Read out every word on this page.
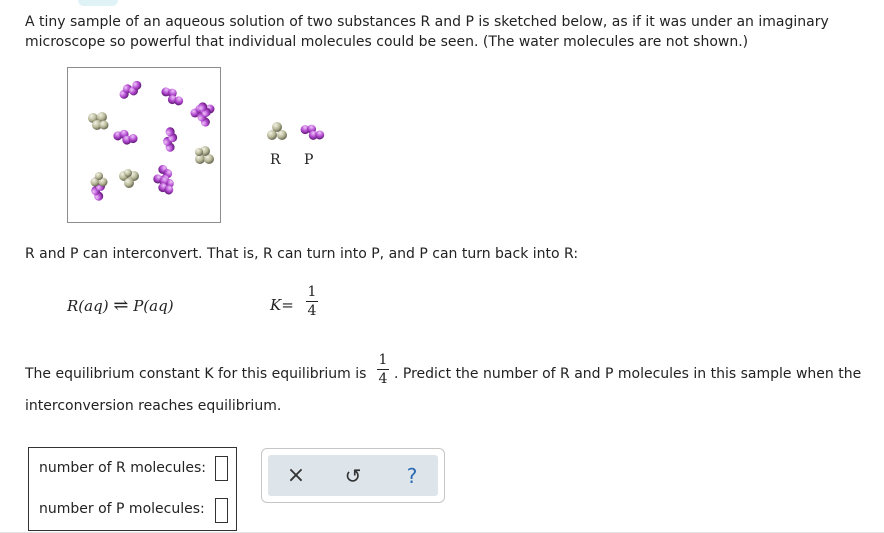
A tiny sample of an aqueous solution of two substances R and P is sketched below, as if it was under an imaginary
microscope so powerful that individual molecules could be seen. (The water molecules are not shown.)
R P
R and P can interconvert. That is, R can turn into P, and P can turn back into R:
R(aq) ⇌ P(aq)	K=
1
4
The equilibrium constant K for this equilibrium is
1
4 . Predict the number of R and P molecules in this sample when the
interconversion reaches equilibrium.
number of R molecules:
number of P molecules:
× ↺ ?
